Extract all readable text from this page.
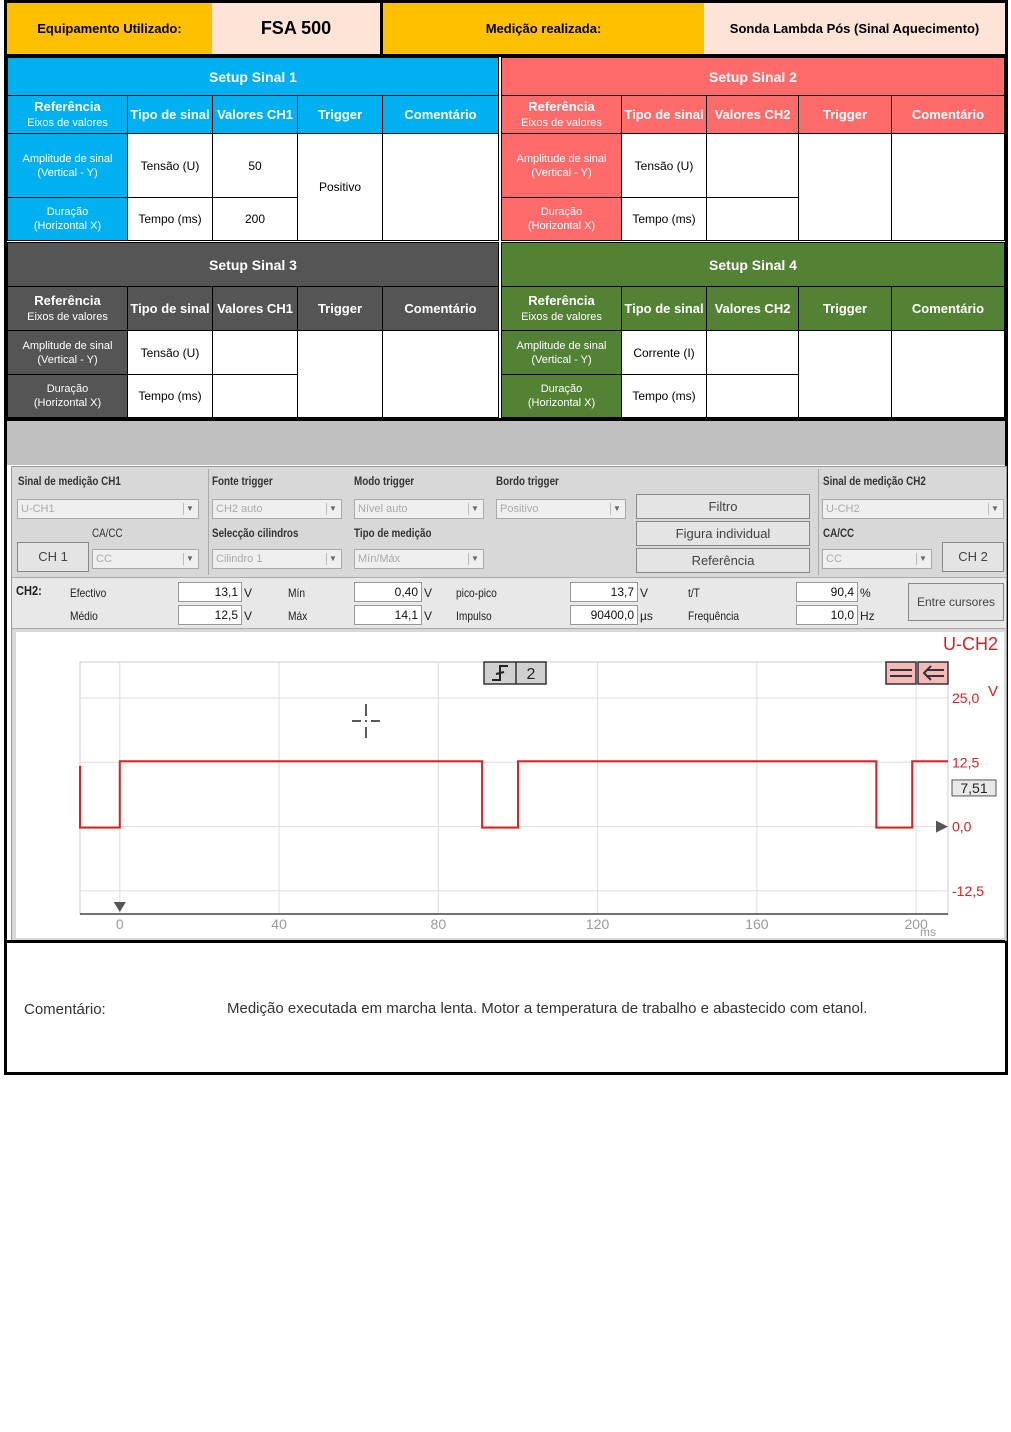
Equipamento Utilizado:	FSA 500	Medição realizada:	Sonda Lambda Pós (Sinal Aquecimento)
Setup Sinal 1				
Referência
Eixos de valores	Tipo de sinal	Valores CH1	Trigger	Comentário
Amplitude de sinal
(Vertical - Y)	Tensão (U)	50	Positivo	
Duração
(Horizontal X)	Tempo (ms)	200		
Setup Sinal 2				
Referência
Eixos de valores	Tipo de sinal	Valores CH2	Trigger	Comentário
Amplitude de sinal
(Vertical - Y)	Tensão (U)			
Duração
(Horizontal X)	Tempo (ms)			
Setup Sinal 3				
Referência
Eixos de valores	Tipo de sinal	Valores CH1	Trigger	Comentário
Amplitude de sinal
(Vertical - Y)	Tensão (U)			
Duração
(Horizontal X)	Tempo (ms)			
Setup Sinal 4				
Referência
Eixos de valores	Tipo de sinal	Valores CH2	Trigger	Comentário
Amplitude de sinal
(Vertical - Y)	Corrente (I)			
Duração
(Horizontal X)	Tempo (ms)			
Sinal de medição CH1
U-CH1	▼
CA/CC
CH 1	CC	▼
Fonte trigger
CH2 auto	▼
Selecção cilindros
Cilindro 1	▼
Modo trigger
Nível auto	▼
Tipo de medição
Mín/Máx	▼
Bordo trigger
Positivo	▼	Filtro
Figura individual
Referência
Sinal de medição CH2
U-CH2	▼
CA/CC
CC	▼	CH 2
CH2: Efectivo	13,1 V
Médio	12,5 V
Mín	0,40 V
Máx	14,1 V
pico-pico	13,7 V
Impulso	90400,0 µs
t/T	90,4 %
Frequência	10,0 Hz
Entre cursores
0	40	80	120	160	200
25,0
12,5
0,0
-12,5
U-CH2
2
7,51
V
ms
Comentário:	Medição executada em marcha lenta. Motor a temperatura de trabalho e abastecido com etanol.
